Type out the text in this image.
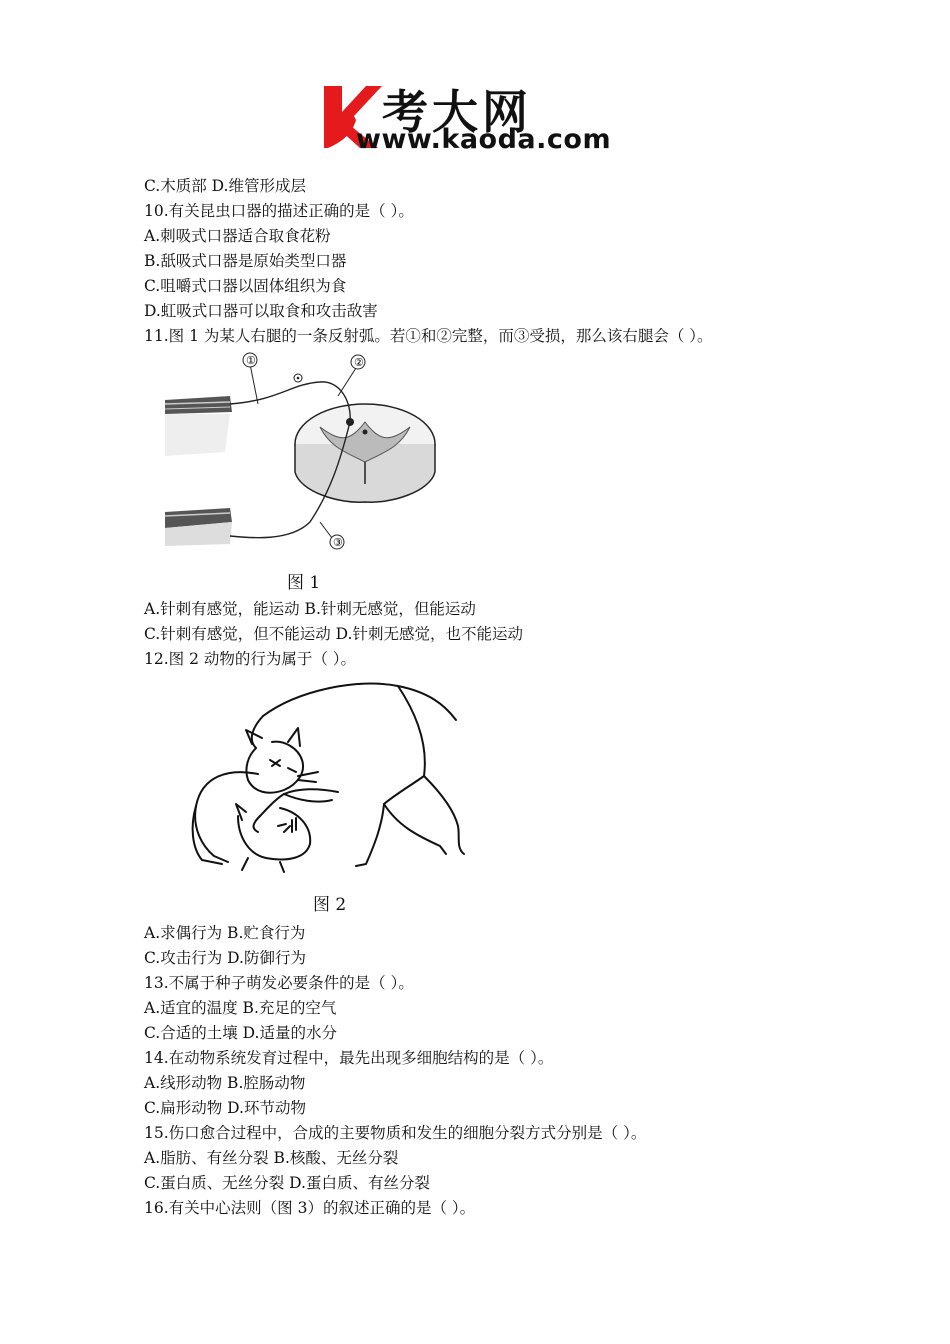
考大网
www.kaoda.com
C.木质部 D.维管形成层
10.有关昆虫口器的描述正确的是（ ）。
A.刺吸式口器适合取食花粉
B.舐吸式口器是原始类型口器
C.咀嚼式口器以固体组织为食
D.虹吸式口器可以取食和攻击敌害
11.图 1 为某人右腿的一条反射弧。若①和②完整，而③受损，那么该右腿会（ ）。
①	②
③
图 1
A.针刺有感觉，能运动 B.针刺无感觉，但能运动
C.针刺有感觉，但不能运动 D.针刺无感觉，也不能运动
12.图 2 动物的行为属于（ ）。
图 2
A.求偶行为 B.贮食行为
C.攻击行为 D.防御行为
13.不属于种子萌发必要条件的是（ ）。
A.适宜的温度 B.充足的空气
C.合适的土壤 D.适量的水分
14.在动物系统发育过程中，最先出现多细胞结构的是（ ）。
A.线形动物 B.腔肠动物
C.扁形动物 D.环节动物
15.伤口愈合过程中，合成的主要物质和发生的细胞分裂方式分别是（ ）。
A.脂肪、有丝分裂 B.核酸、无丝分裂
C.蛋白质、无丝分裂 D.蛋白质、有丝分裂
16.有关中心法则（图 3）的叙述正确的是（ ）。
